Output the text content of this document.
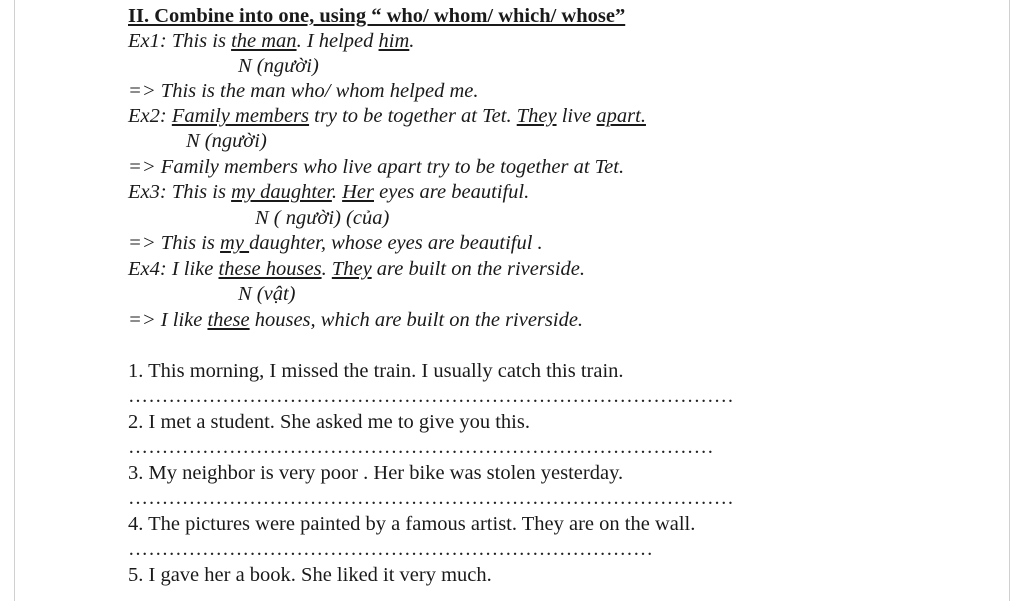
II. Combine into one, using “ who/ whom/ which/ whose”
Ex1: This is the man. I helped him.
N (người)
=> This is the man who/ whom helped me.
Ex2: Family members try to be together at Tet. They live apart.
N (người)
=> Family members who live apart try to be together at Tet.
Ex3: This is my daughter. Her eyes are beautiful.
N ( người) (của)
=> This is my daughter, whose eyes are beautiful .
Ex4: I like these houses. They are built on the riverside.
N (vật)
=> I like these houses, which are built on the riverside.
1. This morning, I missed the train. I usually catch this train.
………………………………………………………………………………
2. I met a student. She asked me to give you this.
……………………………………………………………………………
3. My neighbor is very poor . Her bike was stolen yesterday.
………………………………………………………………………………
4. The pictures were painted by a famous artist. They are on the wall.
……………………………………………………………………
5. I gave her a book. She liked it very much.
